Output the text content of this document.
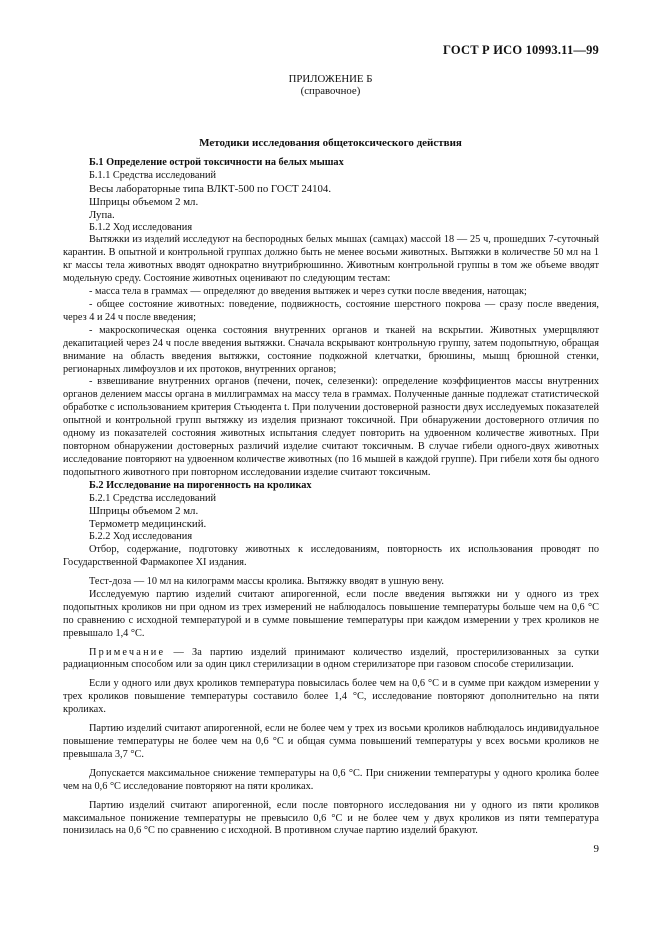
ГОСТ Р ИСО 10993.11—99
ПРИЛОЖЕНИЕ Б
(справочное)
Методики исследования общетоксического действия

Б.1 Определение острой токсичности на белых мышах

Б.1.1 Средства исследований

Весы лабораторные типа ВЛКТ-500 по ГОСТ 24104.

Шприцы объемом 2 мл.

Лупа.

Б.1.2 Ход исследования

Вытяжки из изделий исследуют на беспородных белых мышах (самцах) массой 18 — 25 ч, прошедших 7-суточный карантин. В опытной и контрольной группах должно быть не менее восьми животных. Вытяжки в количестве 50 мл на 1 кг массы тела животных вводят однократно внутрибрюшинно. Животным контрольной группы в том же объеме вводят модельную среду. Состояние животных оценивают по следующим тестам:

- масса тела в граммах — определяют до введения вытяжек и через сутки после введения, натощак;

- общее состояние животных: поведение, подвижность, состояние шерстного покрова — сразу после введения, через 4 и 24 ч после введения;

- макроскопическая оценка состояния внутренних органов и тканей на вскрытии. Животных умерщвляют декапитацией через 24 ч после введения вытяжки. Сначала вскрывают контрольную группу, затем подопытную, обращая внимание на область введения вытяжки, состояние подкожной клетчатки, брюшины, мышц брюшной стенки, регионарных лимфоузлов и их протоков, внутренних органов;

- взвешивание внутренних органов (печени, почек, селезенки): определение коэффициентов массы внутренних органов делением массы органа в миллиграммах на массу тела в граммах. Полученные данные подлежат статистической обработке с использованием критерия Стьюдента t. При получении достоверной разности двух исследуемых показателей опытной и контрольной групп вытяжку из изделия признают токсичной. При обнаружении достоверного отличия по одному из показателей состояния животных испытания следует повторить на удвоенном количестве животных. При повторном обнаружении достоверных различий изделие считают токсичным. В случае гибели одного-двух животных исследование повторяют на удвоенном количестве животных (по 16 мышей в каждой группе). При гибели хотя бы одного подопытного животного при повторном исследовании изделие считают токсичным.

Б.2 Исследование на пирогенность на кроликах

Б.2.1 Средства исследований

Шприцы объемом 2 мл.

Термометр медицинский.

Б.2.2 Ход исследования

Отбор, содержание, подготовку животных к исследованиям, повторность их использования проводят по Государственной Фармакопее XI издания.

Тест-доза — 10 мл на килограмм массы кролика. Вытяжку вводят в ушную вену.

Исследуемую партию изделий считают апирогенной, если после введения вытяжки ни у одного из трех подопытных кроликов ни при одном из трех измерений не наблюдалось повышение температуры больше чем на 0,6 °С по сравнению с исходной температурой и в сумме повышение температуры при каждом измерении у трех кроликов не превышало 1,4 °С.

Примечание — За партию изделий принимают количество изделий, простерилизованных за сутки радиационным способом или за один цикл стерилизации в одном стерилизаторе при газовом способе стерилизации.

Если у одного или двух кроликов температура повысилась более чем на 0,6 °С и в сумме при каждом измерении у трех кроликов повышение температуры составило более 1,4 °С, исследование повторяют дополнительно на пяти кроликах.

Партию изделий считают апирогенной, если не более чем у трех из восьми кроликов наблюдалось индивидуальное повышение температуры не более чем на 0,6 °С и общая сумма повышений температуры у всех восьми кроликов не превышала 3,7 °С.

Допускается максимальное снижение температуры на 0,6 °С. При снижении температуры у одного кролика более чем на 0,6 °С исследование повторяют на пяти кроликах.

Партию изделий считают апирогенной, если после повторного исследования ни у одного из пяти кроликов максимальное понижение температуры не превысило 0,6 °С и не более чем у двух кроликов из пяти температура понизилась на 0,6 °С по сравнению с исходной. В противном случае партию изделий бракуют.

9
